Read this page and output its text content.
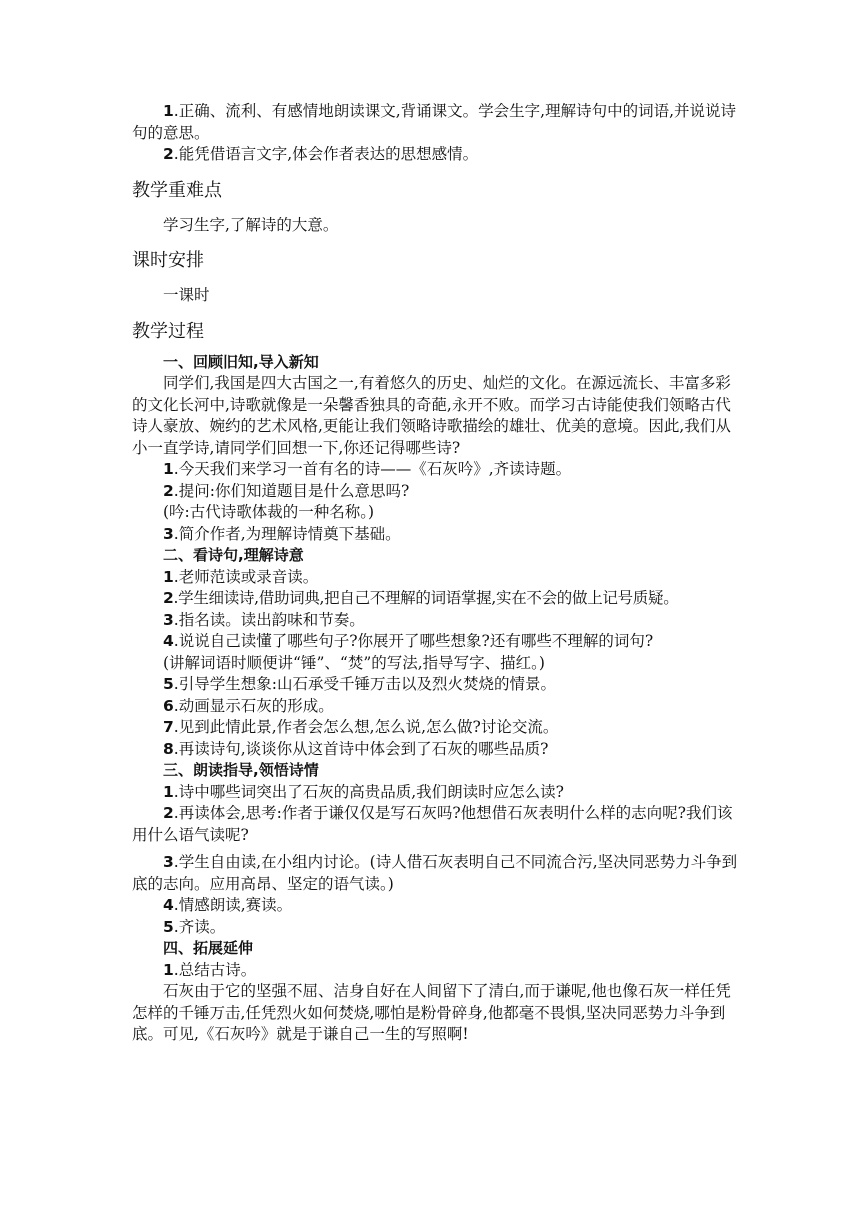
1.正确、流利、有感情地朗读课文,背诵课文。学会生字,理解诗句中的词语,并说说诗句的意思。

2.能凭借语言文字,体会作者表达的思想感情。

教学重难点

学习生字,了解诗的大意。

课时安排

一课时

教学过程

一、回顾旧知,导入新知

同学们,我国是四大古国之一,有着悠久的历史、灿烂的文化。在源远流长、丰富多彩的文化长河中,诗歌就像是一朵馨香独具的奇葩,永开不败。而学习古诗能使我们领略古代诗人豪放、婉约的艺术风格,更能让我们领略诗歌描绘的雄壮、优美的意境。因此,我们从小一直学诗,请同学们回想一下,你还记得哪些诗?

1.今天我们来学习一首有名的诗——《石灰吟》,齐读诗题。

2.提问:你们知道题目是什么意思吗?

(吟:古代诗歌体裁的一种名称。)

3.简介作者,为理解诗情奠下基础。

二、看诗句,理解诗意

1.老师范读或录音读。

2.学生细读诗,借助词典,把自己不理解的词语掌握,实在不会的做上记号质疑。

3.指名读。读出韵味和节奏。

4.说说自己读懂了哪些句子?你展开了哪些想象?还有哪些不理解的词句?

(讲解词语时顺便讲“锤”、“焚”的写法,指导写字、描红。)

5.引导学生想象:山石承受千锤万击以及烈火焚烧的情景。

6.动画显示石灰的形成。

7.见到此情此景,作者会怎么想,怎么说,怎么做?讨论交流。

8.再读诗句,谈谈你从这首诗中体会到了石灰的哪些品质?

三、朗读指导,领悟诗情

1.诗中哪些词突出了石灰的高贵品质,我们朗读时应怎么读?

2.再读体会,思考:作者于谦仅仅是写石灰吗?他想借石灰表明什么样的志向呢?我们该用什么语气读呢?

3.学生自由读,在小组内讨论。(诗人借石灰表明自己不同流合污,坚决同恶势力斗争到底的志向。应用高昂、坚定的语气读。)

4.情感朗读,赛读。

5.齐读。

四、拓展延伸

1.总结古诗。

石灰由于它的坚强不屈、洁身自好在人间留下了清白,而于谦呢,他也像石灰一样任凭怎样的千锤万击,任凭烈火如何焚烧,哪怕是粉骨碎身,他都毫不畏惧,坚决同恶势力斗争到底。可见,《石灰吟》就是于谦自己一生的写照啊!
